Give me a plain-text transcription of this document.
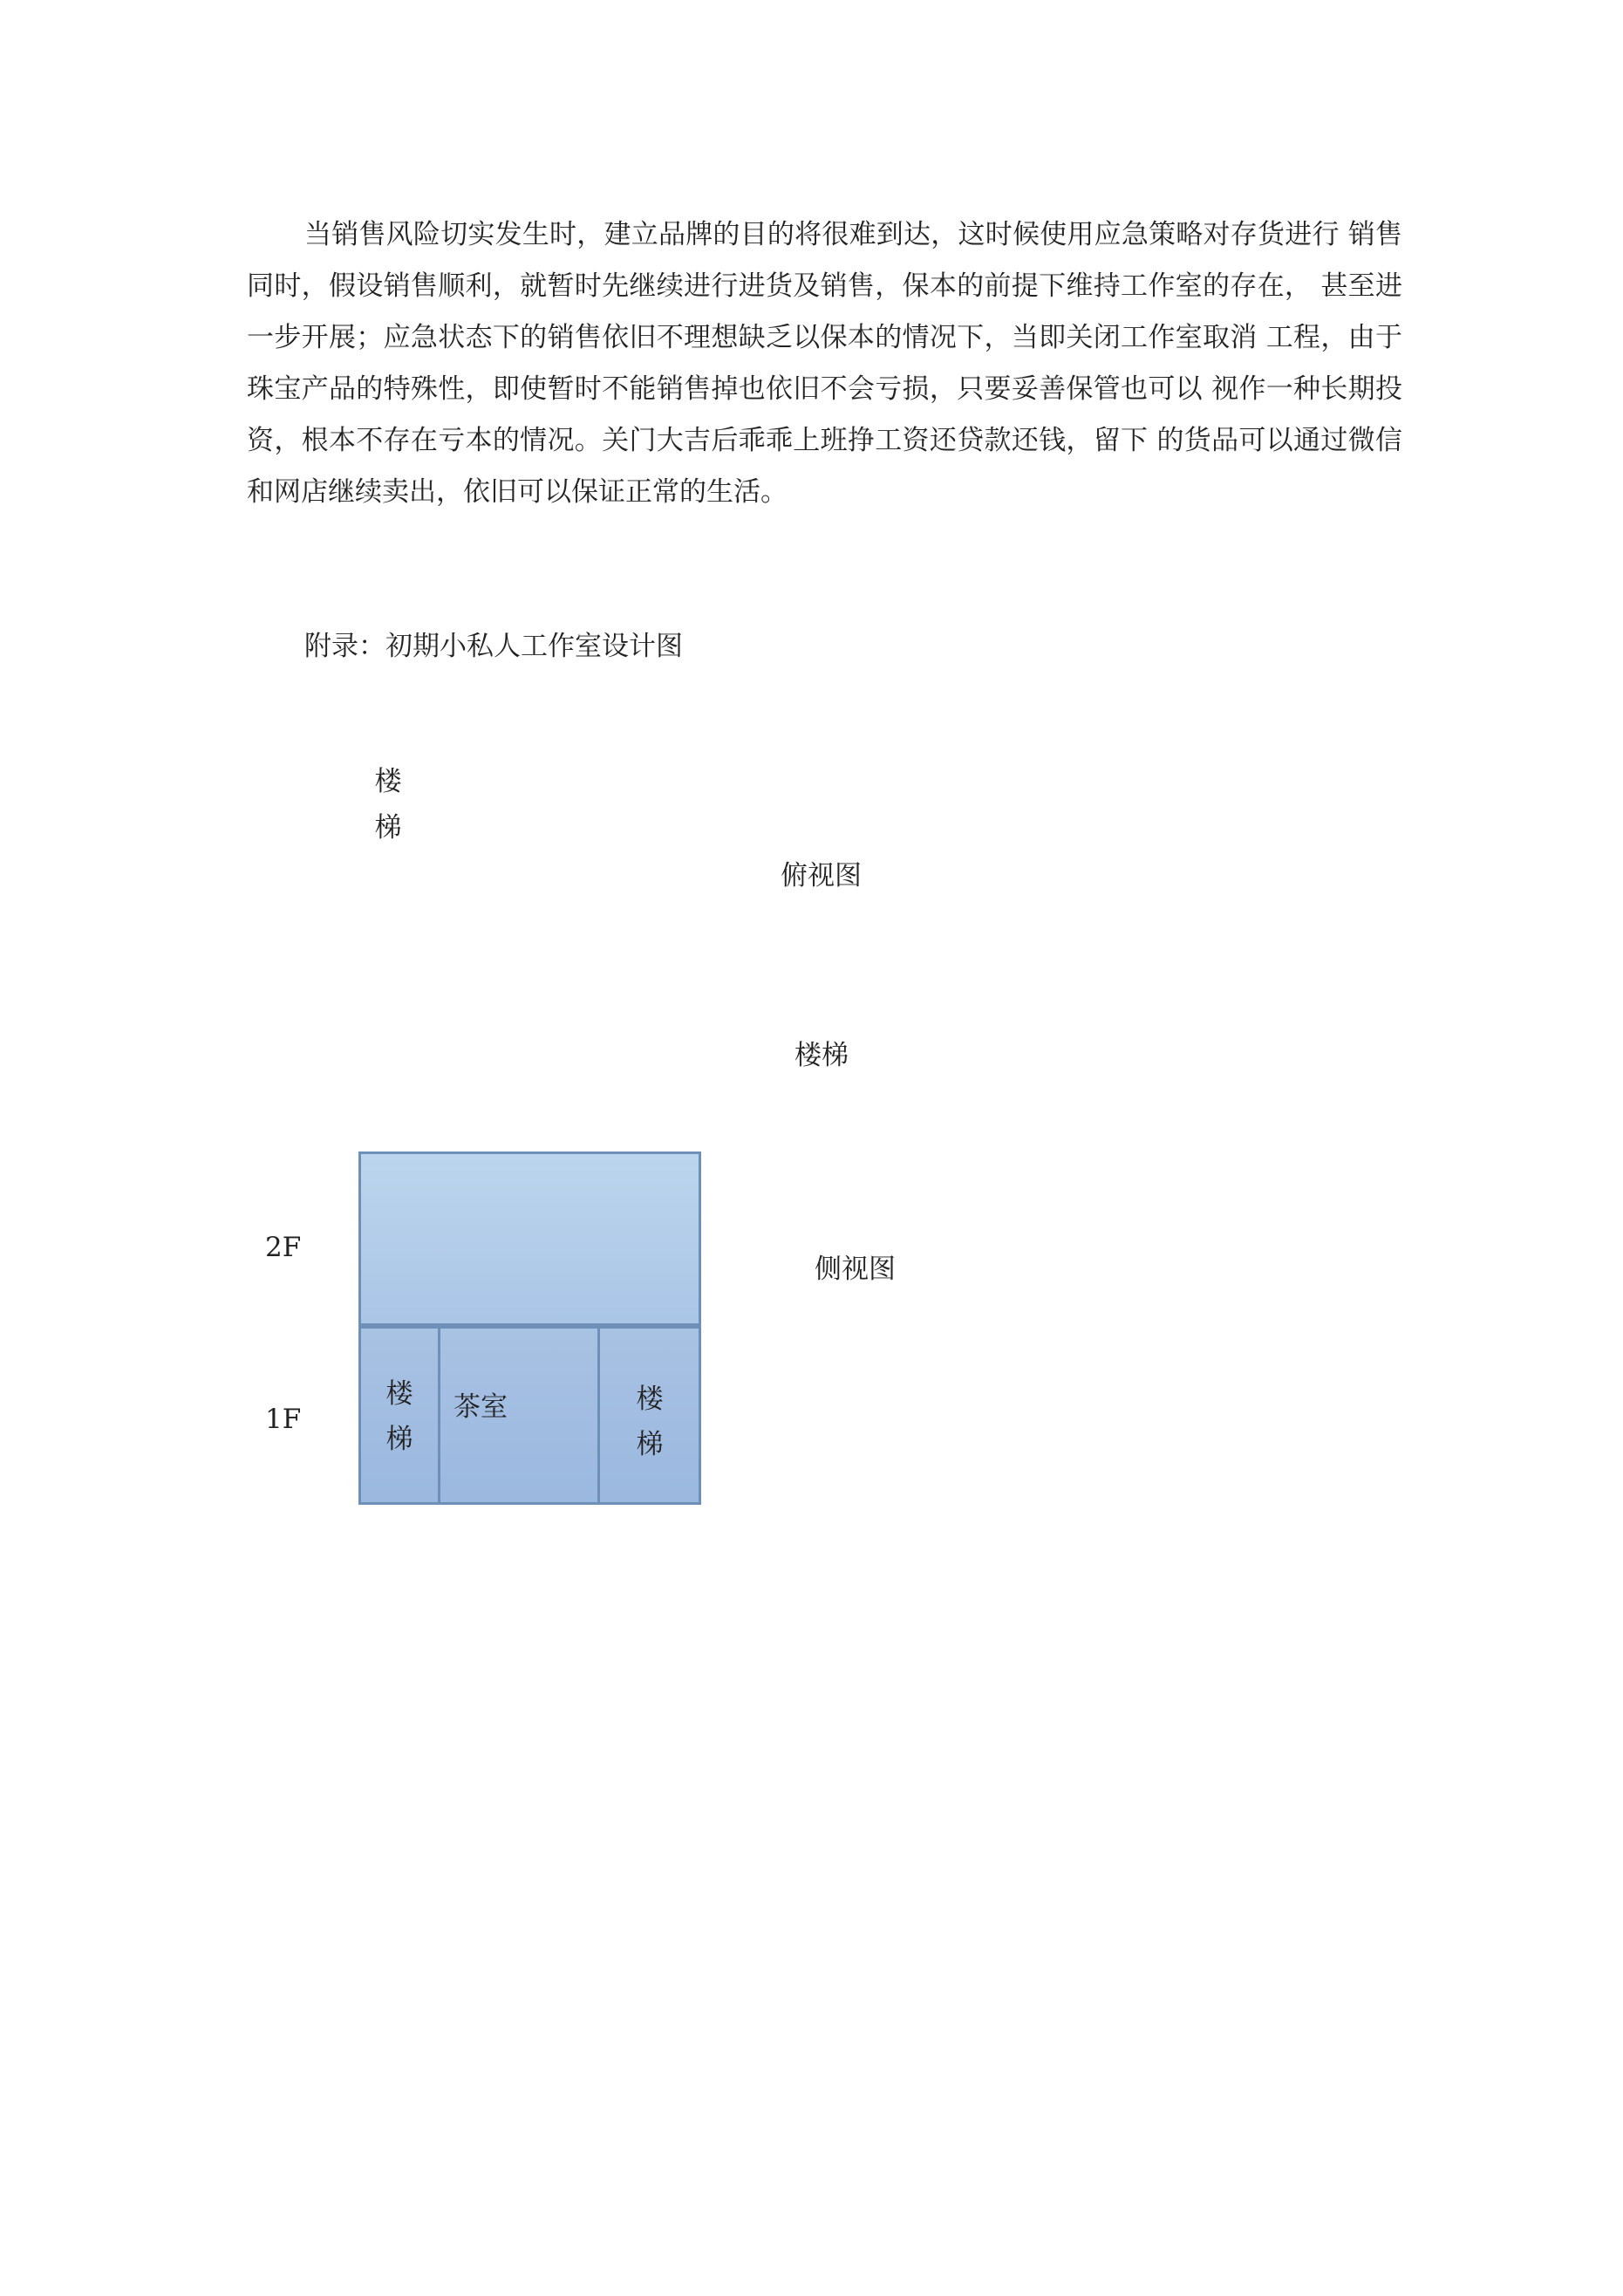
当销售风险切实发生时，建立品牌的目的将很难到达，这时候使用应急策略对存货进行 销售
同时，假设销售顺利，就暂时先继续进行进货及销售，保本的前提下维持工作室的存在， 甚至进
一步开展；应急状态下的销售依旧不理想缺乏以保本的情况下，当即关闭工作室取消 工程，由于
珠宝产品的特殊性，即使暂时不能销售掉也依旧不会亏损，只要妥善保管也可以 视作一种长期投
资，根本不存在亏本的情况。关门大吉后乖乖上班挣工资还贷款还钱，留下 的货品可以通过微信
和网店继续卖出，依旧可以保证正常的生活。

附录：初期小私人工作室设计图
楼梯
俯视图
楼梯
侧视图
2F
1F
楼梯
茶室	楼梯
